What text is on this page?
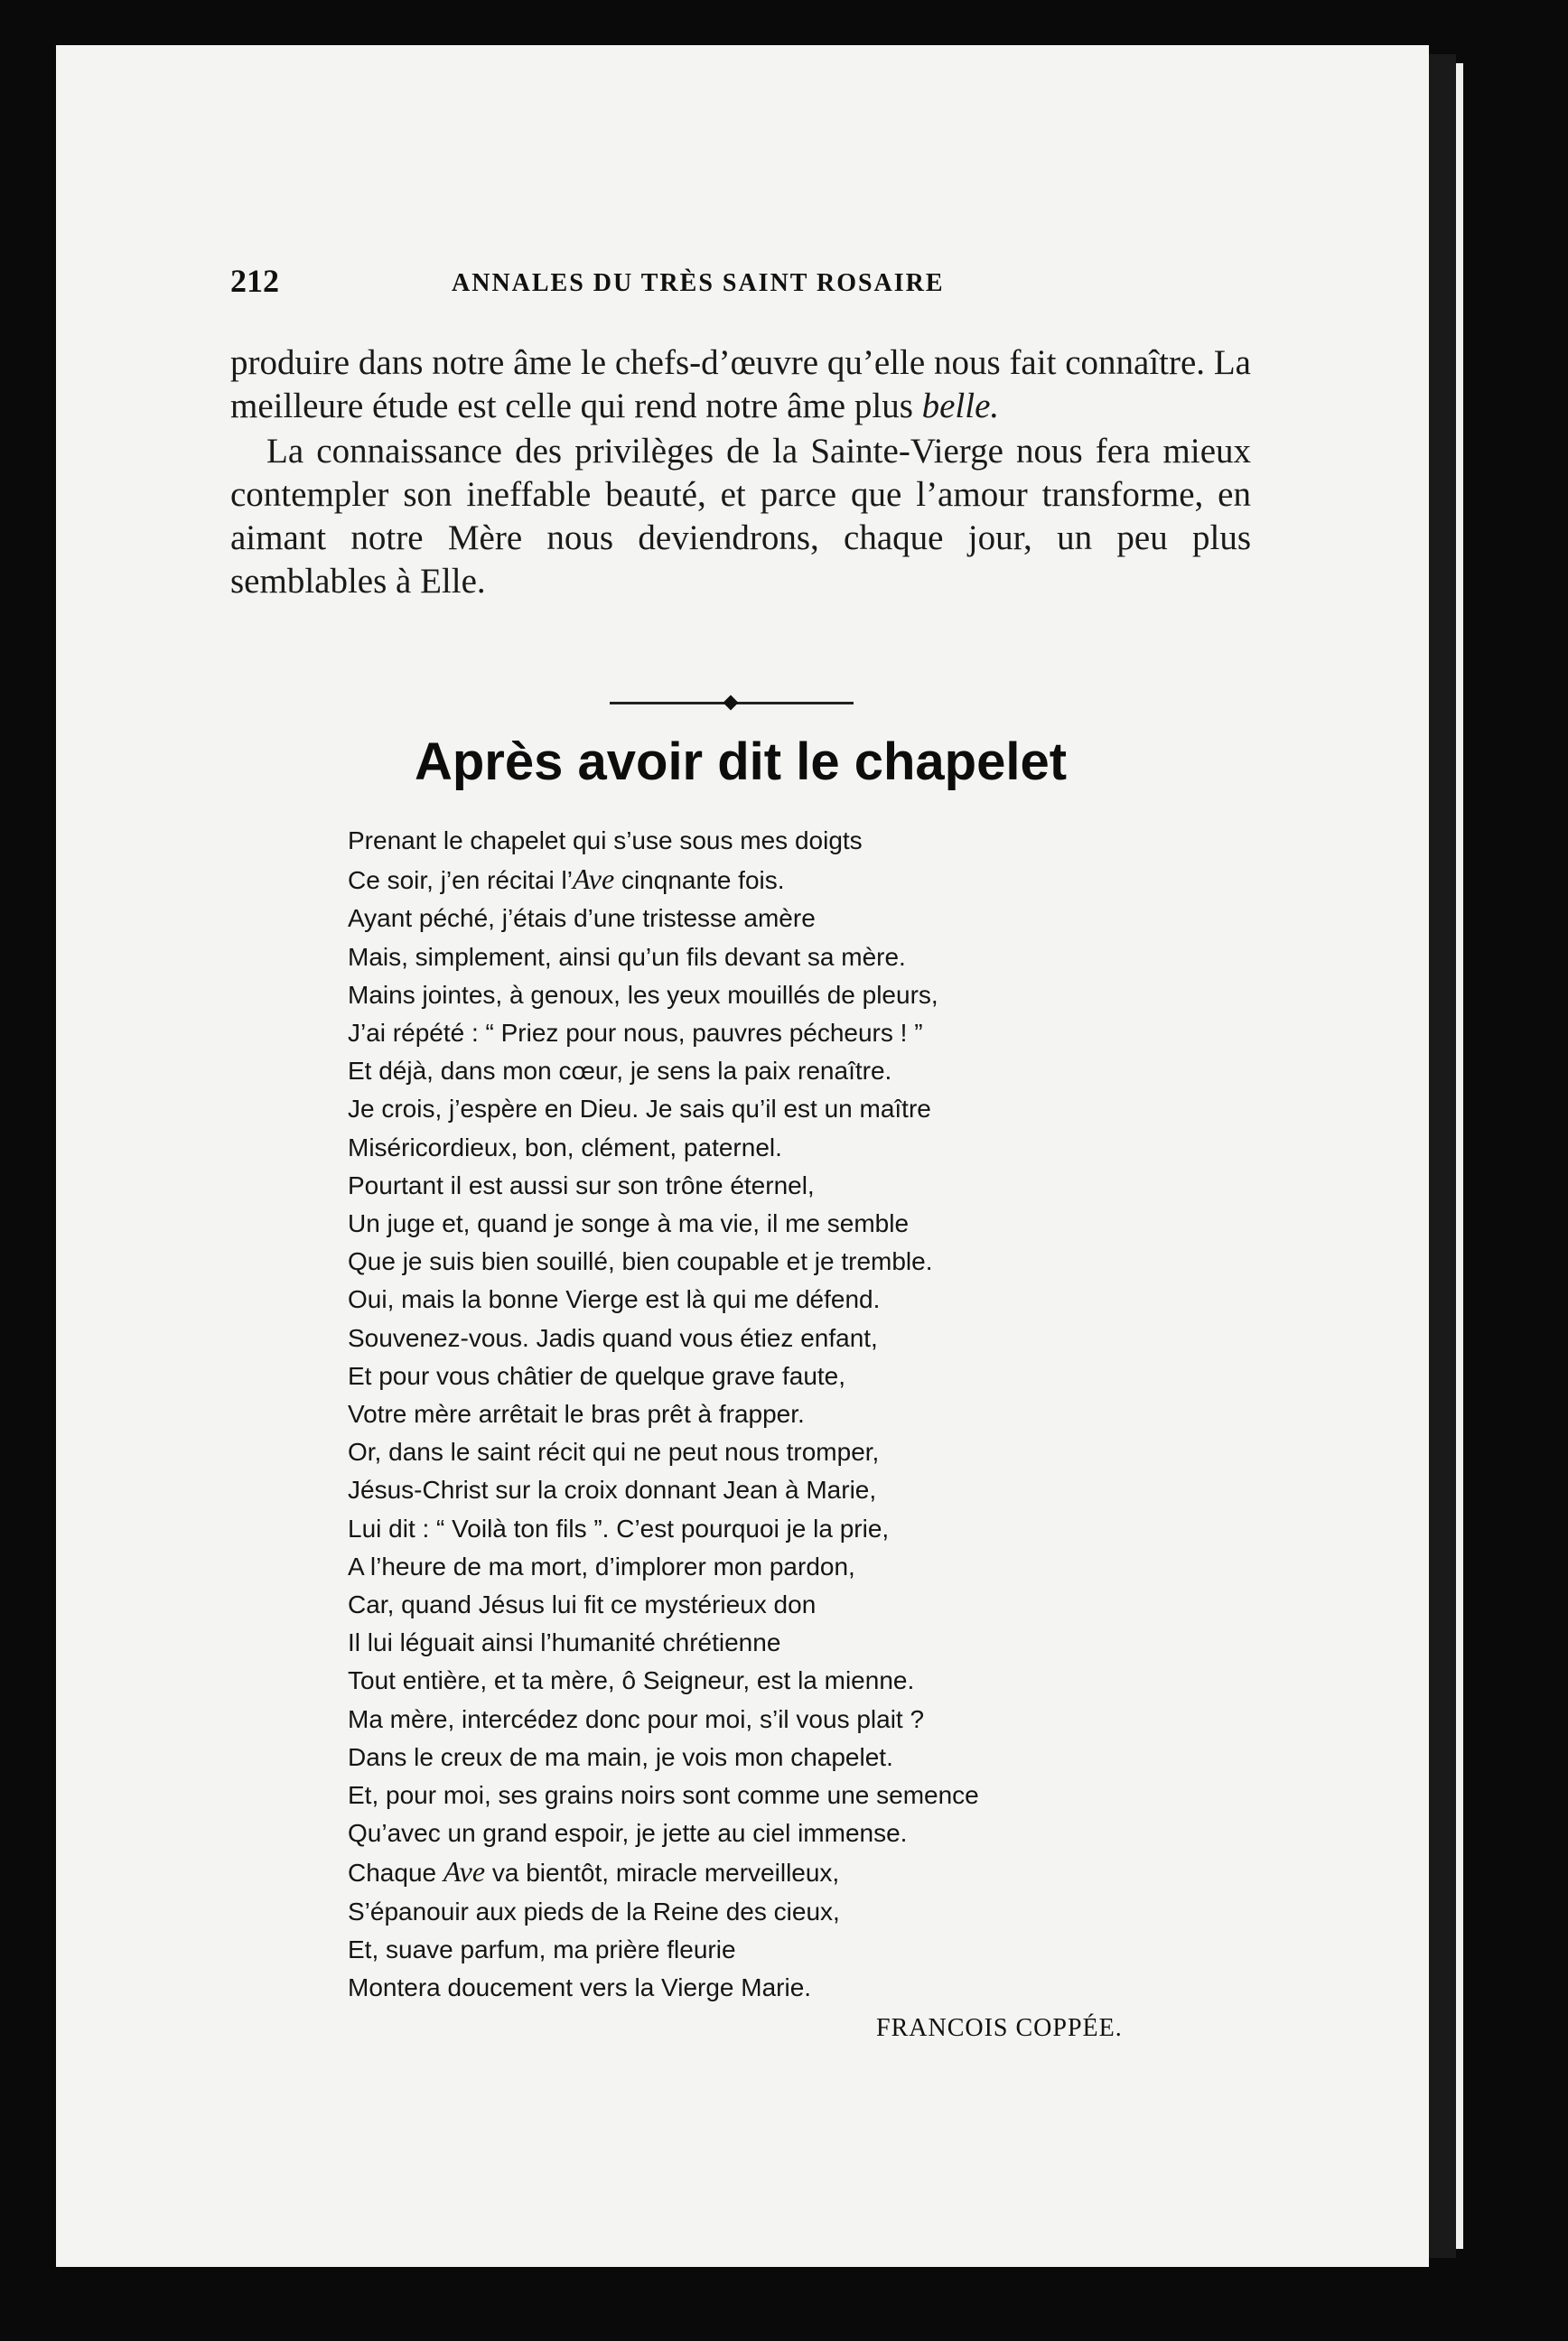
212	ANNALES DU TRÈS SAINT ROSAIRE

produire dans notre âme le chefs-d’œuvre qu’elle nous fait connaître. La meilleure étude est celle qui rend notre âme plus belle.

La connaissance des privilèges de la Sainte-Vierge nous fera mieux contempler son ineffable beauté, et parce que l’amour transforme, en aimant notre Mère nous deviendrons, chaque jour, un peu plus semblables à Elle.

Après avoir dit le chapelet
Prenant le chapelet qui s’use sous mes doigts
Ce soir, j’en récitai l’Ave cinqnante fois.
Ayant péché, j’étais d’une tristesse amère
Mais, simplement, ainsi qu’un fils devant sa mère.
Mains jointes, à genoux, les yeux mouillés de pleurs,
J’ai répété : “ Priez pour nous, pauvres pécheurs ! ”
Et déjà, dans mon cœur, je sens la paix renaître.
Je crois, j’espère en Dieu. Je sais qu’il est un maître
Miséricordieux, bon, clément, paternel.
Pourtant il est aussi sur son trône éternel,
Un juge et, quand je songe à ma vie, il me semble
Que je suis bien souillé, bien coupable et je tremble.
Oui, mais la bonne Vierge est là qui me défend.
Souvenez-vous. Jadis quand vous étiez enfant,
Et pour vous châtier de quelque grave faute,
Votre mère arrêtait le bras prêt à frapper.
Or, dans le saint récit qui ne peut nous tromper,
Jésus-Christ sur la croix donnant Jean à Marie,
Lui dit : “ Voilà ton fils ”. C’est pourquoi je la prie,
A l’heure de ma mort, d’implorer mon pardon,
Car, quand Jésus lui fit ce mystérieux don
Il lui léguait ainsi l’humanité chrétienne
Tout entière, et ta mère, ô Seigneur, est la mienne.
Ma mère, intercédez donc pour moi, s’il vous plait ?
Dans le creux de ma main, je vois mon chapelet.
Et, pour moi, ses grains noirs sont comme une semence
Qu’avec un grand espoir, je jette au ciel immense.
Chaque Ave va bientôt, miracle merveilleux,
S’épanouir aux pieds de la Reine des cieux,
Et, suave parfum, ma prière fleurie
Montera doucement vers la Vierge Marie.
FRANCOIS COPPÉE.
